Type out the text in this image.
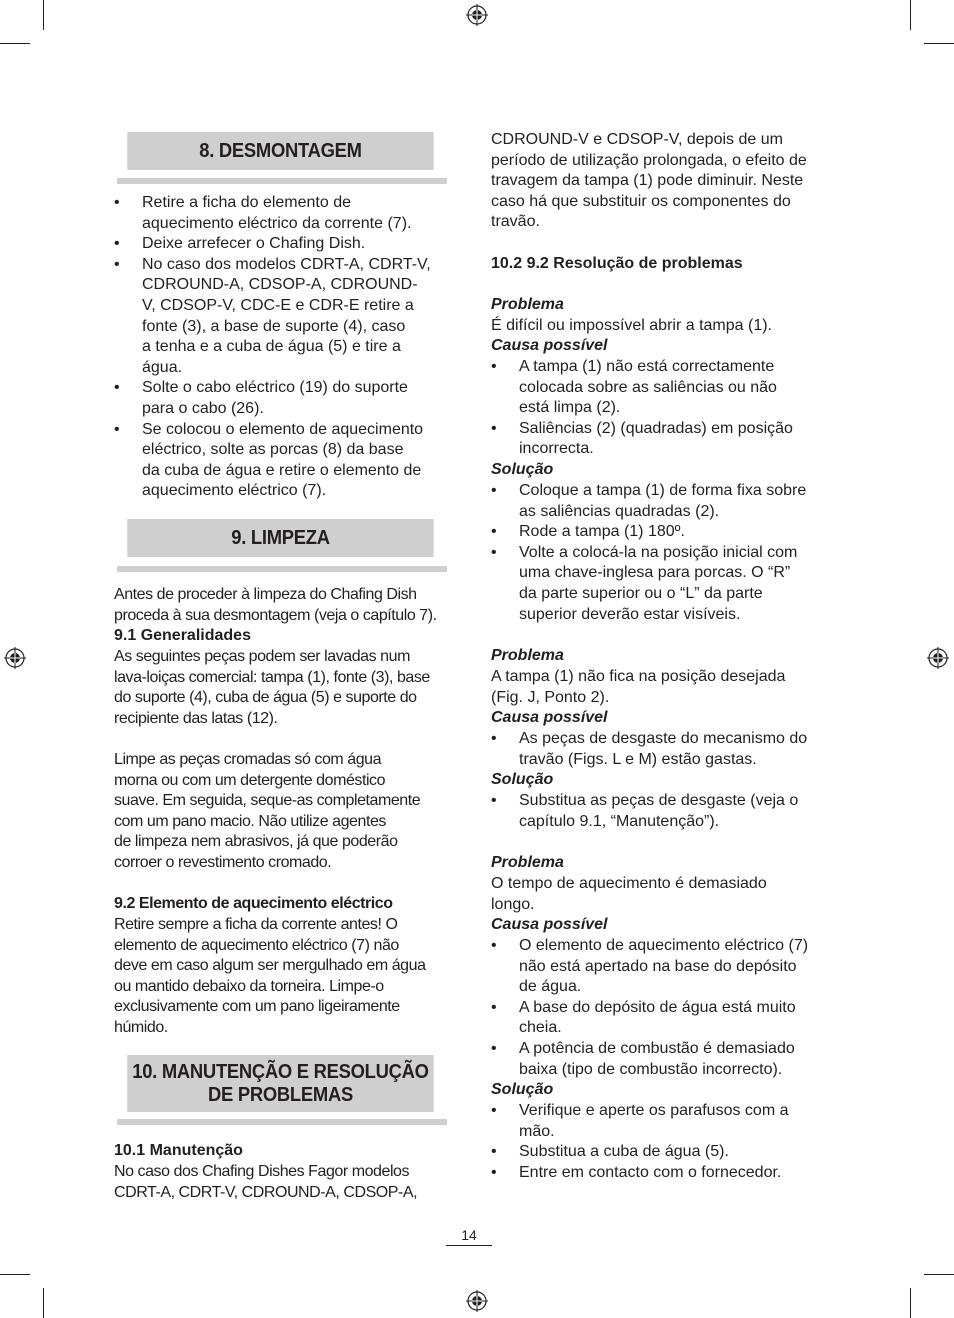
8. DESMONTAGEM
• Retire a ficha do elemento de
aquecimento eléctrico da corrente (7).
• Deixe arrefecer o Chafing Dish.
• No caso dos modelos CDRT-A, CDRT-V,
CDROUND-A, CDSOP-A, CDROUND-
V, CDSOP-V, CDC-E e CDR-E retire a
fonte (3), a base de suporte (4), caso
a tenha e a cuba de água (5) e tire a
água.
• Solte o cabo eléctrico (19) do suporte
para o cabo (26).
• Se colocou o elemento de aquecimento
eléctrico, solte as porcas (8) da base
da cuba de água e retire o elemento de
aquecimento eléctrico (7).
9. LIMPEZA
Antes de proceder à limpeza do Chafing Dish
proceda à sua desmontagem (veja o capítulo 7).
9.1 Generalidades
As seguintes peças podem ser lavadas num
lava-loiças comercial: tampa (1), fonte (3), base
do suporte (4), cuba de água (5) e suporte do
recipiente das latas (12).
Limpe as peças cromadas só com água
morna ou com um detergente doméstico
suave. Em seguida, seque-as completamente
com um pano macio. Não utilize agentes
de limpeza nem abrasivos, já que poderão
corroer o revestimento cromado.
9.2 Elemento de aquecimento eléctrico
Retire sempre a ficha da corrente antes! O
elemento de aquecimento eléctrico (7) não
deve em caso algum ser mergulhado em água
ou mantido debaixo da torneira. Limpe-o
exclusivamente com um pano ligeiramente
húmido.
10. MANUTENÇÃO E RESOLUÇÃO
DE PROBLEMAS
10.1 Manutenção
No caso dos Chafing Dishes Fagor modelos
CDRT-A, CDRT-V, CDROUND-A, CDSOP-A,
CDROUND-V e CDSOP-V, depois de um
período de utilização prolongada, o efeito de
travagem da tampa (1) pode diminuir. Neste
caso há que substituir os componentes do
travão.
10.2 9.2 Resolução de problemas
Problema
É difícil ou impossível abrir a tampa (1).
Causa possível
• A tampa (1) não está correctamente
colocada sobre as saliências ou não
está limpa (2).
• Saliências (2) (quadradas) em posição
incorrecta.
Solução
• Coloque a tampa (1) de forma fixa sobre
as saliências quadradas (2).
• Rode a tampa (1) 180º.
• Volte a colocá-la na posição inicial com
uma chave-inglesa para porcas. O “R”
da parte superior ou o “L” da parte
superior deverão estar visíveis.
Problema
A tampa (1) não fica na posição desejada
(Fig. J, Ponto 2).
Causa possível
• As peças de desgaste do mecanismo do
travão (Figs. L e M) estão gastas.
Solução
• Substitua as peças de desgaste (veja o
capítulo 9.1, “Manutenção”).
Problema
O tempo de aquecimento é demasiado
longo.
Causa possível
• O elemento de aquecimento eléctrico (7)
não está apertado na base do depósito
de água.
• A base do depósito de água está muito
cheia.
• A potência de combustão é demasiado
baixa (tipo de combustão incorrecto).
Solução
• Verifique e aperte os parafusos com a
mão.
• Substitua a cuba de água (5).
• Entre em contacto com o fornecedor.
14
